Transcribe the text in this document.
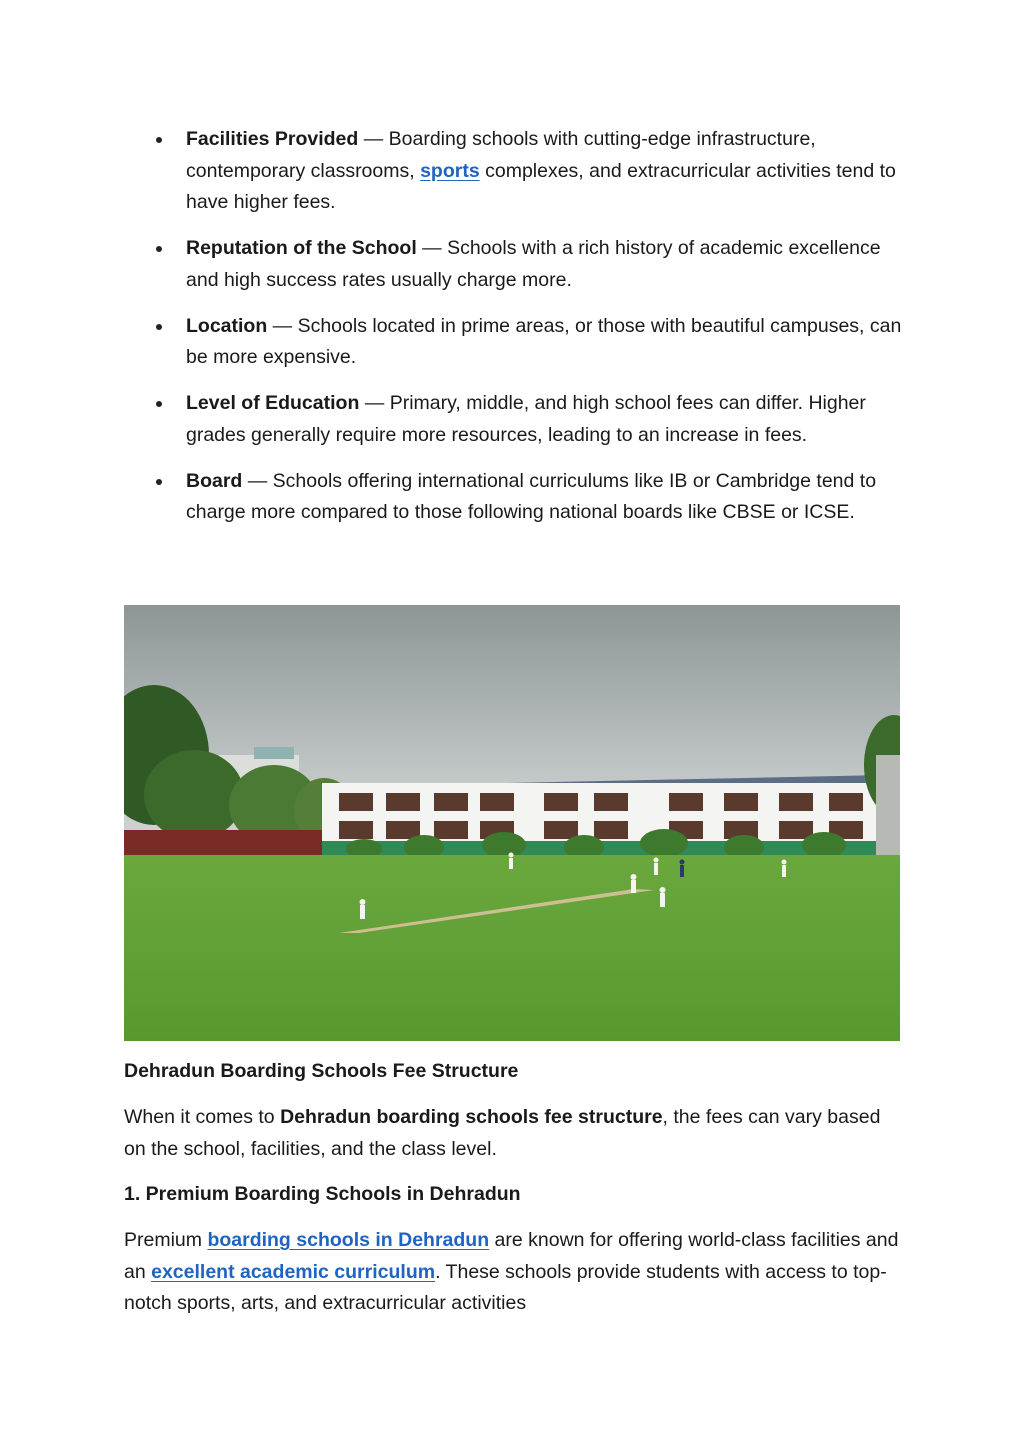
Facilities Provided — Boarding schools with cutting-edge infrastructure, contemporary classrooms, sports complexes, and extracurricular activities tend to have higher fees.
Reputation of the School — Schools with a rich history of academic excellence and high success rates usually charge more.
Location — Schools located in prime areas, or those with beautiful campuses, can be more expensive.
Level of Education — Primary, middle, and high school fees can differ. Higher grades generally require more resources, leading to an increase in fees.
Board — Schools offering international curriculums like IB or Cambridge tend to charge more compared to those following national boards like CBSE or ICSE.
Dehradun Boarding Schools Fee Structure
When it comes to Dehradun boarding schools fee structure, the fees can vary based on the school, facilities, and the class level.
1. Premium Boarding Schools in Dehradun
Premium boarding schools in Dehradun are known for offering world-class facilities and an excellent academic curriculum. These schools provide students with access to top-notch sports, arts, and extracurricular activities
